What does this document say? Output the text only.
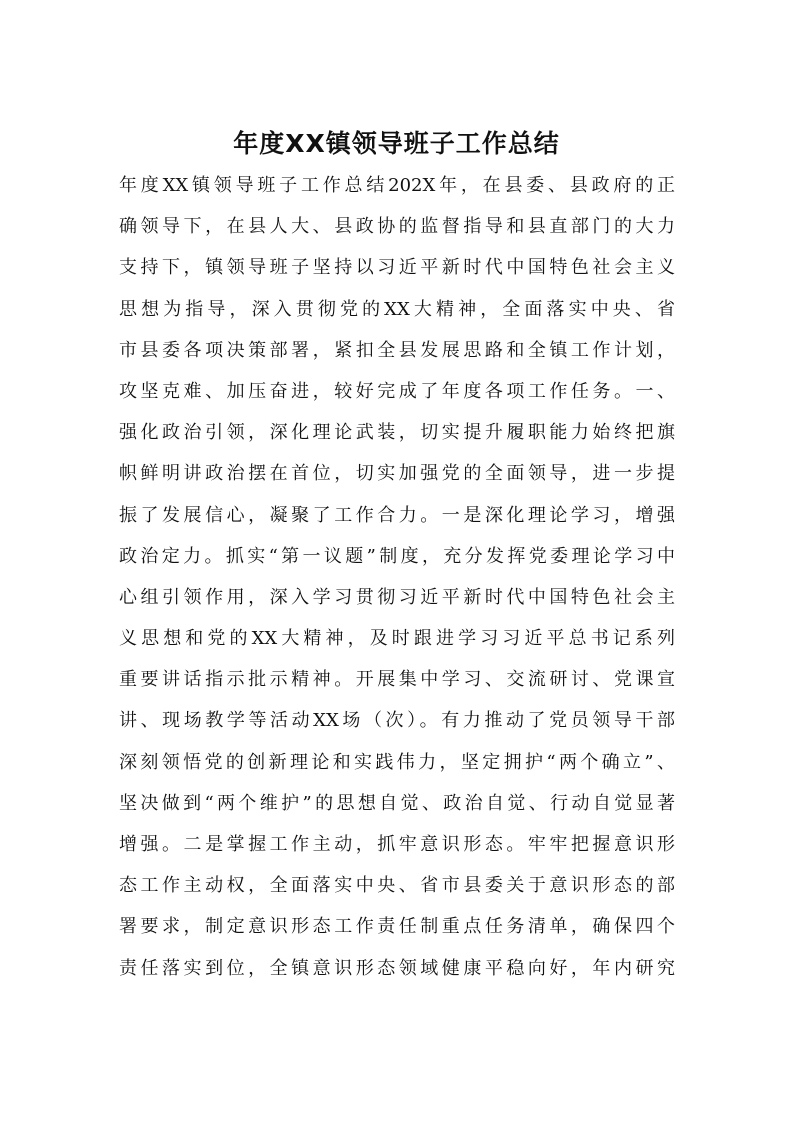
年度XX镇领导班子工作总结
年度XX镇领导班子工作总结202X年，在县委、县政府的正
确领导下，在县人大、县政协的监督指导和县直部门的大力
支持下，镇领导班子坚持以习近平新时代中国特色社会主义
思想为指导，深入贯彻党的XX大精神，全面落实中央、省
市县委各项决策部署，紧扣全县发展思路和全镇工作计划，
攻坚克难、加压奋进，较好完成了年度各项工作任务。一、
强化政治引领，深化理论武装，切实提升履职能力始终把旗
帜鲜明讲政治摆在首位，切实加强党的全面领导，进一步提
振了发展信心，凝聚了工作合力。一是深化理论学习，增强
政治定力。抓实“第一议题”制度，充分发挥党委理论学习中
心组引领作用，深入学习贯彻习近平新时代中国特色社会主
义思想和党的XX大精神，及时跟进学习习近平总书记系列
重要讲话指示批示精神。开展集中学习、交流研讨、党课宣
讲、现场教学等活动XX场（次）。有力推动了党员领导干部
深刻领悟党的创新理论和实践伟力，坚定拥护“两个确立”、
坚决做到“两个维护”的思想自觉、政治自觉、行动自觉显著
增强。二是掌握工作主动，抓牢意识形态。牢牢把握意识形
态工作主动权，全面落实中央、省市县委关于意识形态的部
署要求，制定意识形态工作责任制重点任务清单，确保四个
责任落实到位，全镇意识形态领域健康平稳向好，年内研究
